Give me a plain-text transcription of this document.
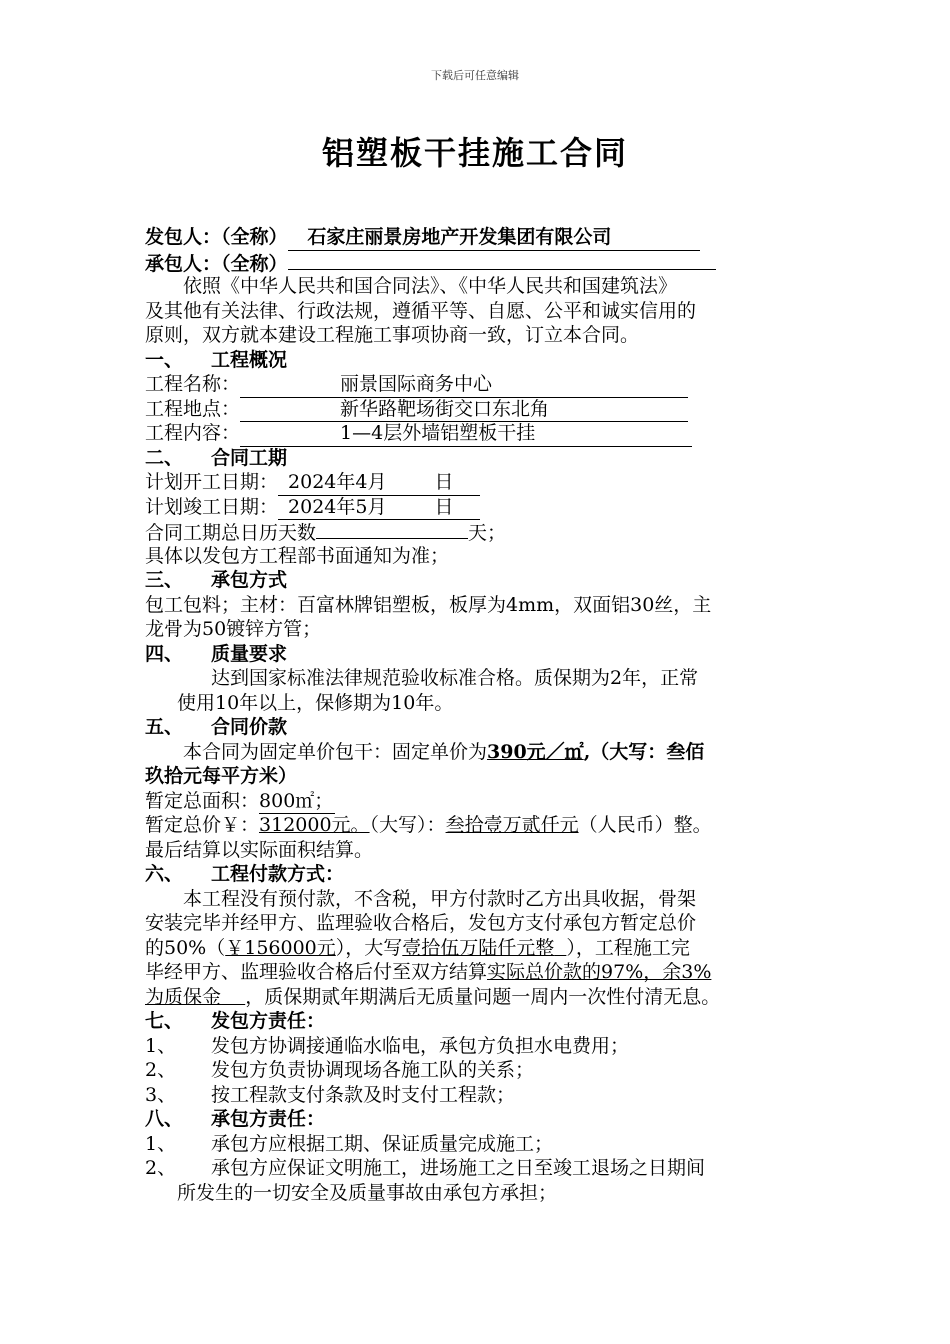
下载后可任意编辑
铝塑板干挂施工合同
发包人：（全称） 石家庄丽景房地产开发集团有限公司
承包人：（全称）
依照《中华人民共和国合同法》、《中华人民共和国建筑法》
及其他有关法律、行政法规，遵循平等、自愿、公平和诚实信用的
原则，双方就本建设工程施工事项协商一致，订立本合同。
一、 工程概况
工程名称：	丽景国际商务中心
工程地点：	新华路靶场街交口东北角
工程内容：	1—4层外墙铝塑板干挂
二、 合同工期
计划开工日期： 2024年4月	日
计划竣工日期： 2024年5月	日
合同工期总日历天数	天；
具体以发包方工程部书面通知为准；
三、 承包方式
包工包料；主材：百富林牌铝塑板，板厚为4mm，双面铝30丝，主
龙骨为50镀锌方管；
四、 质量要求
达到国家标准法律规范验收标准合格。质保期为2年，正常
使用10年以上，保修期为10年。
五、 合同价款
本合同为固定单价包干：固定单价为390元／㎡,（大写：叁佰
玖拾元每平方米）
暂定总面积：800㎡；
暂定总价￥：312000元。（大写）：叁拾壹万贰仟元（人民币）整。
最后结算以实际面积结算。
六、 工程付款方式：
本工程没有预付款，不含税，甲方付款时乙方出具收据，骨架
安装完毕并经甲方、监理验收合格后，发包方支付承包方暂定总价
的50%（￥156000元），大写壹拾伍万陆仟元整 ），工程施工完
毕经甲方、监理验收合格后付至双方结算实际总价款的97%，余3%
为质保金 ，质保期贰年期满后无质量问题一周内一次性付清无息。
七、 发包方责任：
1、 发包方协调接通临水临电，承包方负担水电费用；
2、 发包方负责协调现场各施工队的关系；
3、 按工程款支付条款及时支付工程款；
八、 承包方责任：
1、 承包方应根据工期、保证质量完成施工；
2、 承包方应保证文明施工，进场施工之日至竣工退场之日期间
所发生的一切安全及质量事故由承包方承担；
